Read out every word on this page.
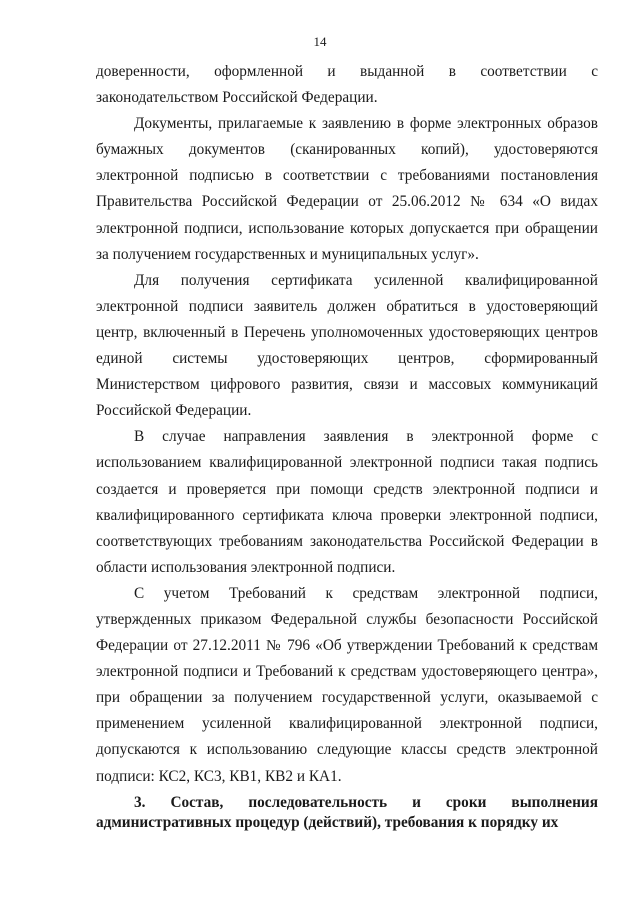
14

доверенности, оформленной и выданной в соответствии с законодательством Российской Федерации.

Документы, прилагаемые к заявлению в форме электронных образов бумажных документов (сканированных копий), удостоверяются электронной подписью в соответствии с требованиями постановления Правительства Российской Федерации от 25.06.2012 № 634 «О видах электронной подписи, использование которых допускается при обращении за получением государственных и муниципальных услуг».

Для получения сертификата усиленной квалифицированной электронной подписи заявитель должен обратиться в удостоверяющий центр, включенный в Перечень уполномоченных удостоверяющих центров единой системы удостоверяющих центров, сформированный Министерством цифрового развития, связи и массовых коммуникаций Российской Федерации.

В случае направления заявления в электронной форме с использованием квалифицированной электронной подписи такая подпись создается и проверяется при помощи средств электронной подписи и квалифицированного сертификата ключа проверки электронной подписи, соответствующих требованиям законодательства Российской Федерации в области использования электронной подписи.

С учетом Требований к средствам электронной подписи, утвержденных приказом Федеральной службы безопасности Российской Федерации от 27.12.2011 № 796 «Об утверждении Требований к средствам электронной подписи и Требований к средствам удостоверяющего центра», при обращении за получением государственной услуги, оказываемой с применением усиленной квалифицированной электронной подписи, допускаются к использованию следующие классы средств электронной подписи: КС2, КС3, КВ1, КВ2 и КА1.

3. Состав, последовательность и сроки выполнения административных процедур (действий), требования к порядку их
